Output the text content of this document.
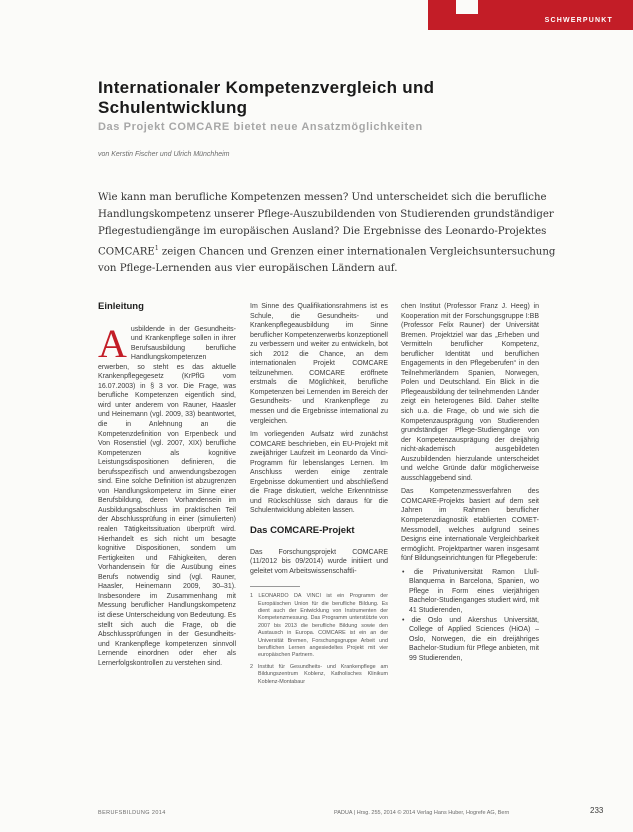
SCHWERPUNKT
Internationaler Kompetenzvergleich und Schulentwicklung
Das Projekt COMCARE bietet neue Ansatzmöglichkeiten
von Kerstin Fischer und Ulrich Münchheim

Wie kann man berufliche Kompetenzen messen? Und unterscheidet sich die berufliche Handlungskompetenz unserer Pflege-Auszubildenden von Studierenden grundständiger Pflegestudiengänge im europäischen Ausland? Die Ergebnisse des Leonardo-Projektes COMCARE$^1$ zeigen Chancen und Grenzen einer internationalen Vergleichsuntersuchung von Pflege-Lernenden aus vier europäischen Ländern auf.

Einleitung

Ausbildende in der Gesundheits- und Krankenpflege sollen in ihrer Berufsausbildung berufliche Handlungskompetenzen erwerben, so steht es das aktuelle Krankenpflegegesetz (KrPflG vom 16.07.2003) in § 3 vor. Die Frage, was berufliche Kompetenzen eigentlich sind, wird unter anderem von Rauner, Haasler und Heinemann (vgl. 2009, 33) beantwortet, die in Anlehnung an die Kompetenzdefinition von Erpenbeck und Von Rosenstiel (vgl. 2007, XIX) berufliche Kompetenzen als kognitive Leistungsdispositionen definieren, die berufsspezifisch und anwendungsbezogen sind. Eine solche Definition ist abzugrenzen von Handlungskompetenz im Sinne einer Berufsbildung, deren Vorhandensein im Ausbildungsabschluss im praktischen Teil der Abschlussprüfung in einer (simulierten) realen Tätigkeitssituation überprüft wird. Hierhandelt es sich nicht um besagte kognitive Dispositionen, sondern um Fertigkeiten und Fähigkeiten, deren Vorhandensein für die Ausübung eines Berufs notwendig sind (vgl. Rauner, Haasler, Heinemann 2009, 30–31). Insbesondere im Zusammenhang mit Messung beruflicher Handlungskompetenz ist diese Unterscheidung von Bedeutung. Es stellt sich auch die Frage, ob die Abschlussprüfungen in der Gesundheits- und Krankenpflege kompetenzen sinnvoll Lernende einordnen oder eher als Lernerfolgskontrollen zu verstehen sind.

Im Sinne des Qualifikationsrahmens ist es Schule, die Gesundheits- und Krankenpflegeausbildung im Sinne beruflicher Kompetenzerwerbs konzeptionell zu verbessern und weiter zu entwickeln, bot sich 2012 die Chance, an dem internationalen Projekt COMCARE teilzunehmen. COMCARE eröffnete erstmals die Möglichkeit, berufliche Kompetenzen bei Lernenden im Bereich der Gesundheits- und Krankenpflege zu messen und die Ergebnisse international zu vergleichen.

Im vorliegenden Aufsatz wird zunächst COMCARE beschrieben, ein EU-Projekt mit zweijähriger Laufzeit im Leonardo da Vinci-Programm für lebenslanges Lernen. Im Anschluss werden einige zentrale Ergebnisse dokumentiert und abschließend die Frage diskutiert, welche Erkenntnisse und Rückschlüsse sich daraus für die Schulentwicklung ableiten lassen.

Das COMCARE-Projekt

Das Forschungsprojekt COMCARE (11/2012 bis 09/2014) wurde initiiert und geleitet vom Arbeitswissenschaftli-

1 LEONARDO DA VINCI ist ein Programm der Europäischen Union für die berufliche Bildung. Es dient auch der Entwicklung von Instrumenten der Kompetenzmessung. Das Programm unterstützte von 2007 bis 2013 die berufliche Bildung sowie den Austausch in Europa. COMCARE ist ein an der Universität Bremen, Forschungsgruppe Arbeit und beruflichen Lernen angesiedeltes Projekt mit vier europäischen Partnern.

2 Institut für Gesundheits- und Krankenpflege am Bildungszentrum Koblenz, Katholisches Klinikum Koblenz-Montabaur

chen Institut (Professor Franz J. Heeg) in Kooperation mit der Forschungsgruppe I:BB (Professor Felix Rauner) der Universität Bremen. Projektziel war das „Erheben und Vermitteln beruflicher Kompetenz, beruflicher Identität und beruflichen Engagements in den Pflegeberufen“ in den Teilnehmerländern Spanien, Norwegen, Polen und Deutschland. Ein Blick in die Pflegeausbildung der teilnehmenden Länder zeigt ein heterogenes Bild. Daher stellte sich u.a. die Frage, ob und wie sich die Kompetenzausprägung von Studierenden grundständiger Pflege-Studiengänge von der Kompetenzausprägung der dreijährig nicht-akademisch ausgebildeten Auszubildenden hierzulande unterscheidet und welche Gründe dafür möglicherweise ausschlaggebend sind.

Das Kompetenzmessverfahren des COMCARE-Projekts basiert auf dem seit Jahren im Rahmen beruflicher Kompetenzdiagnostik etablierten COMET-Messmodell, welches aufgrund seines Designs eine internationale Vergleichbarkeit ermöglicht. Projektpartner waren insgesamt fünf Bildungseinrichtungen für Pflegeberufe:

• die Privatuniversität Ramon Llull-Blanquerna in Barcelona, Spanien, wo Pflege in Form eines vierjährigen Bachelor-Studienganges studiert wird, mit 41 Studierenden,
• die Oslo und Akershus Universität, College of Applied Sciences (HiOA) – Oslo, Norwegen, die ein dreijähriges Bachelor-Studium für Pflege anbieten, mit 99 Studierenden,
BERUFSBILDUNG 2014	PADUA | Hrsg. 255, 2014 © 2014 Verlag Hans Huber, Hogrefe AG, Bern	233
